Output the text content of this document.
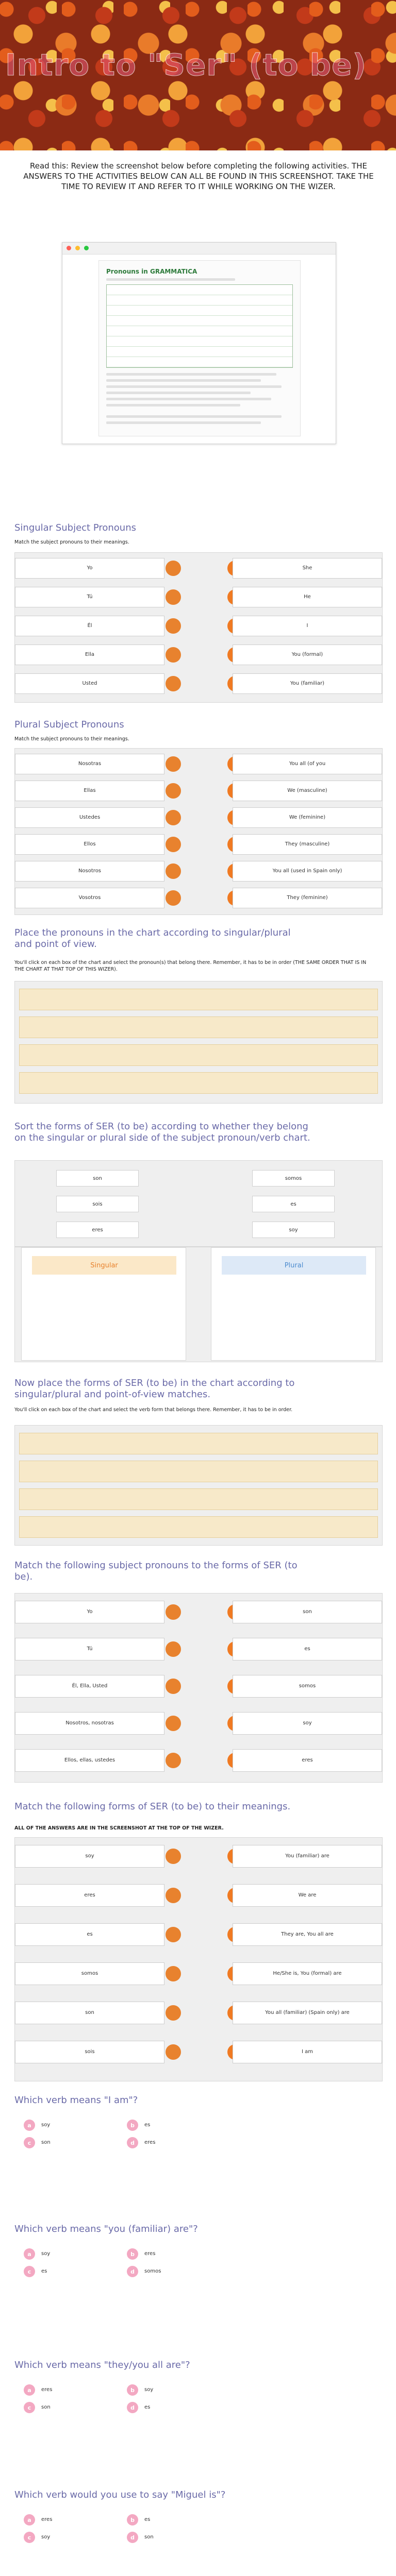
Intro to "Ser" (to be)
Read this: Review the screenshot below before completing the following activities. THE ANSWERS TO THE ACTIVITIES BELOW CAN ALL BE FOUND IN THIS SCREENSHOT. TAKE THE TIME TO REVIEW IT AND REFER TO IT WHILE WORKING ON THE WIZER.
Pronouns in GRAMMATICA
Singular Subject Pronouns
Match the subject pronouns to their meanings.
Yo	She
Tú	He
Él	I
Ella	You (formal)
Usted	You (familiar)
Plural Subject Pronouns
Match the subject pronouns to their meanings.
Nosotras	You all (of you
Ellas	We (masculine)
Ustedes	We (feminine)
Ellos	They (masculine)
Nosotros	You all (used in Spain only)
Vosotros	They (feminine)
Place the pronouns in the chart according to singular/plural and point of view.
You'll click on each box of the chart and select the pronoun(s) that belong there. Remember, it has to be in order (THE SAME ORDER THAT IS IN THE CHART AT THAT TOP OF THIS WIZER).
Sort the forms of SER (to be) according to whether they belong on the singular or plural side of the subject pronoun/verb chart.
son	somos
sois	es
eres	soy
Singular	Plural
Now place the forms of SER (to be) in the chart according to singular/plural and point-of-view matches.
You'll click on each box of the chart and select the verb form that belongs there. Remember, it has to be in order.
Match the following subject pronouns to the forms of SER (to be).
Yo	son
Tú	es
Él, Ella, Usted	somos
Nosotros, nosotras	soy
Ellos, ellas, ustedes	eres
Match the following forms of SER (to be) to their meanings.
ALL OF THE ANSWERS ARE IN THE SCREENSHOT AT THE TOP OF THE WIZER.
soy	You (familiar) are
eres	We are
es	They are, You all are
somos	He/She is, You (formal) are
son	You all (familiar) (Spain only) are
sois	I am
Which verb means "I am"?
a	soy	b	es
c	son	d	eres
Which verb means "you (familiar) are"?
a	soy	b	eres
c	es	d	somos
Which verb means "they/you all are"?
a	eres	b	soy
c	son	d	es
Which verb would you use to say "Miguel is"?
a	eres	b	es
c	soy	d	son
